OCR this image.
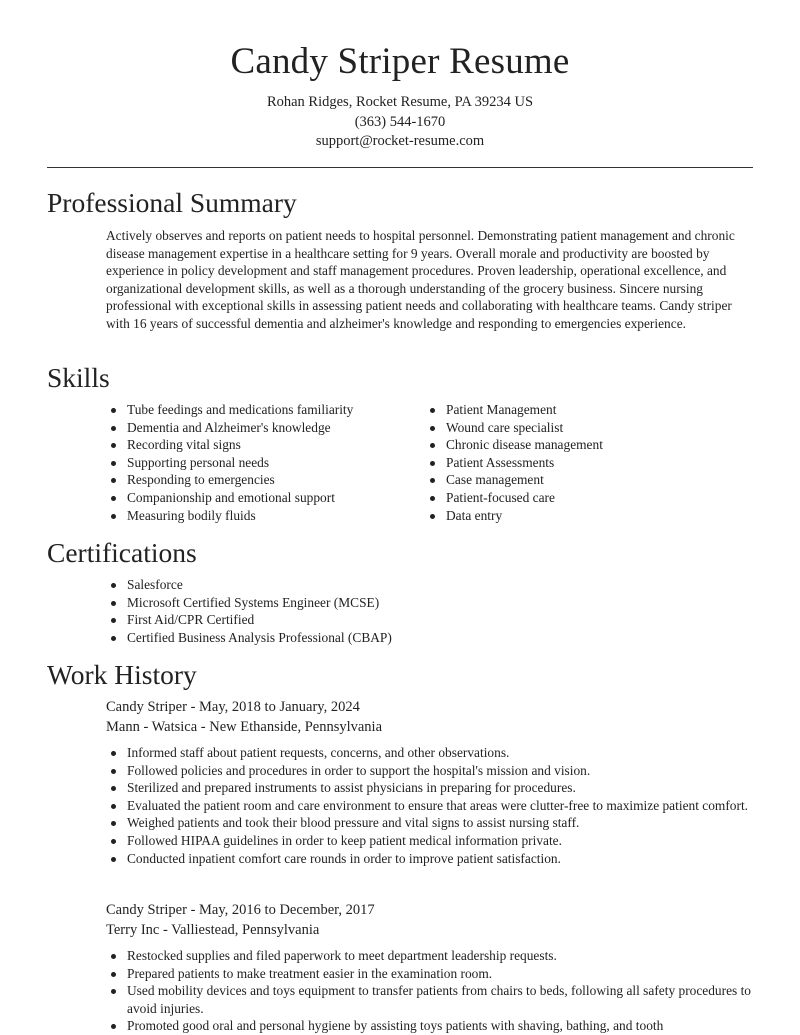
Candy Striper Resume
Rohan Ridges, Rocket Resume, PA 39234 US
(363) 544-1670
support@rocket-resume.com
Professional Summary

Actively observes and reports on patient needs to hospital personnel. Demonstrating patient management and chronic disease management expertise in a healthcare setting for 9 years. Overall morale and productivity are boosted by experience in policy development and staff management procedures. Proven leadership, operational excellence, and organizational development skills, as well as a thorough understanding of the grocery business. Sincere nursing professional with exceptional skills in assessing patient needs and collaborating with healthcare teams. Candy striper with 16 years of successful dementia and alzheimer's knowledge and responding to emergencies experience.

Skills
Tube feedings and medications familiarity
Dementia and Alzheimer's knowledge
Recording vital signs
Supporting personal needs
Responding to emergencies
Companionship and emotional support
Measuring bodily fluids
Patient Management
Wound care specialist
Chronic disease management
Patient Assessments
Case management
Patient-focused care
Data entry
Certifications
Salesforce
Microsoft Certified Systems Engineer (MCSE)
First Aid/CPR Certified
Certified Business Analysis Professional (CBAP)
Work History
Candy Striper - May, 2018 to January, 2024
Mann - Watsica - New Ethanside, Pennsylvania
Informed staff about patient requests, concerns, and other observations.
Followed policies and procedures in order to support the hospital's mission and vision.
Sterilized and prepared instruments to assist physicians in preparing for procedures.
Evaluated the patient room and care environment to ensure that areas were clutter-free to maximize patient comfort.
Weighed patients and took their blood pressure and vital signs to assist nursing staff.
Followed HIPAA guidelines in order to keep patient medical information private.
Conducted inpatient comfort care rounds in order to improve patient satisfaction.
Candy Striper - May, 2016 to December, 2017
Terry Inc - Valliestead, Pennsylvania
Restocked supplies and filed paperwork to meet department leadership requests.
Prepared patients to make treatment easier in the examination room.
Used mobility devices and toys equipment to transfer patients from chairs to beds, following all safety procedures to avoid injuries.
Promoted good oral and personal hygiene by assisting toys patients with shaving, bathing, and tooth
